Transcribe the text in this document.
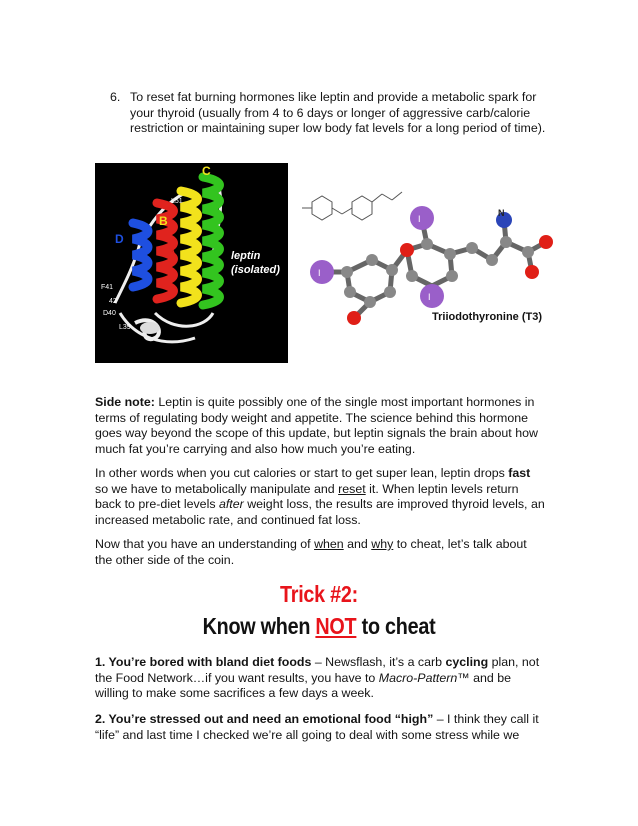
6. To reset fat burning hormones like leptin and provide a metabolic spark for your thyroid (usually from 4 to 6 days or longer of aggressive carb/calorie restriction or maintaining super low body fat levels for a long period of time).
C
D
B
A
L51
leptin
(isolated)
F41
42
D40
L39
I
I
I
N
Triiodothyronine (T3)
Side note: Leptin is quite possibly one of the single most important hormones in terms of regulating body weight and appetite. The science behind this hormone goes way beyond the scope of this update, but leptin signals the brain about how much fat you’re carrying and also how much you’re eating.
In other words when you cut calories or start to get super lean, leptin drops fast so we have to metabolically manipulate and reset it. When leptin levels return back to pre-diet levels after weight loss, the results are improved thyroid levels, an increased metabolic rate, and continued fat loss.
Now that you have an understanding of when and why to cheat, let’s talk about the other side of the coin.
Trick #2:
Know when NOT to cheat
1. You’re bored with bland diet foods – Newsflash, it’s a carb cycling plan, not the Food Network…if you want results, you have to Macro-Pattern™ and be willing to make some sacrifices a few days a week.
2. You’re stressed out and need an emotional food “high” – I think they call it “life” and last time I checked we’re all going to deal with some stress while we
